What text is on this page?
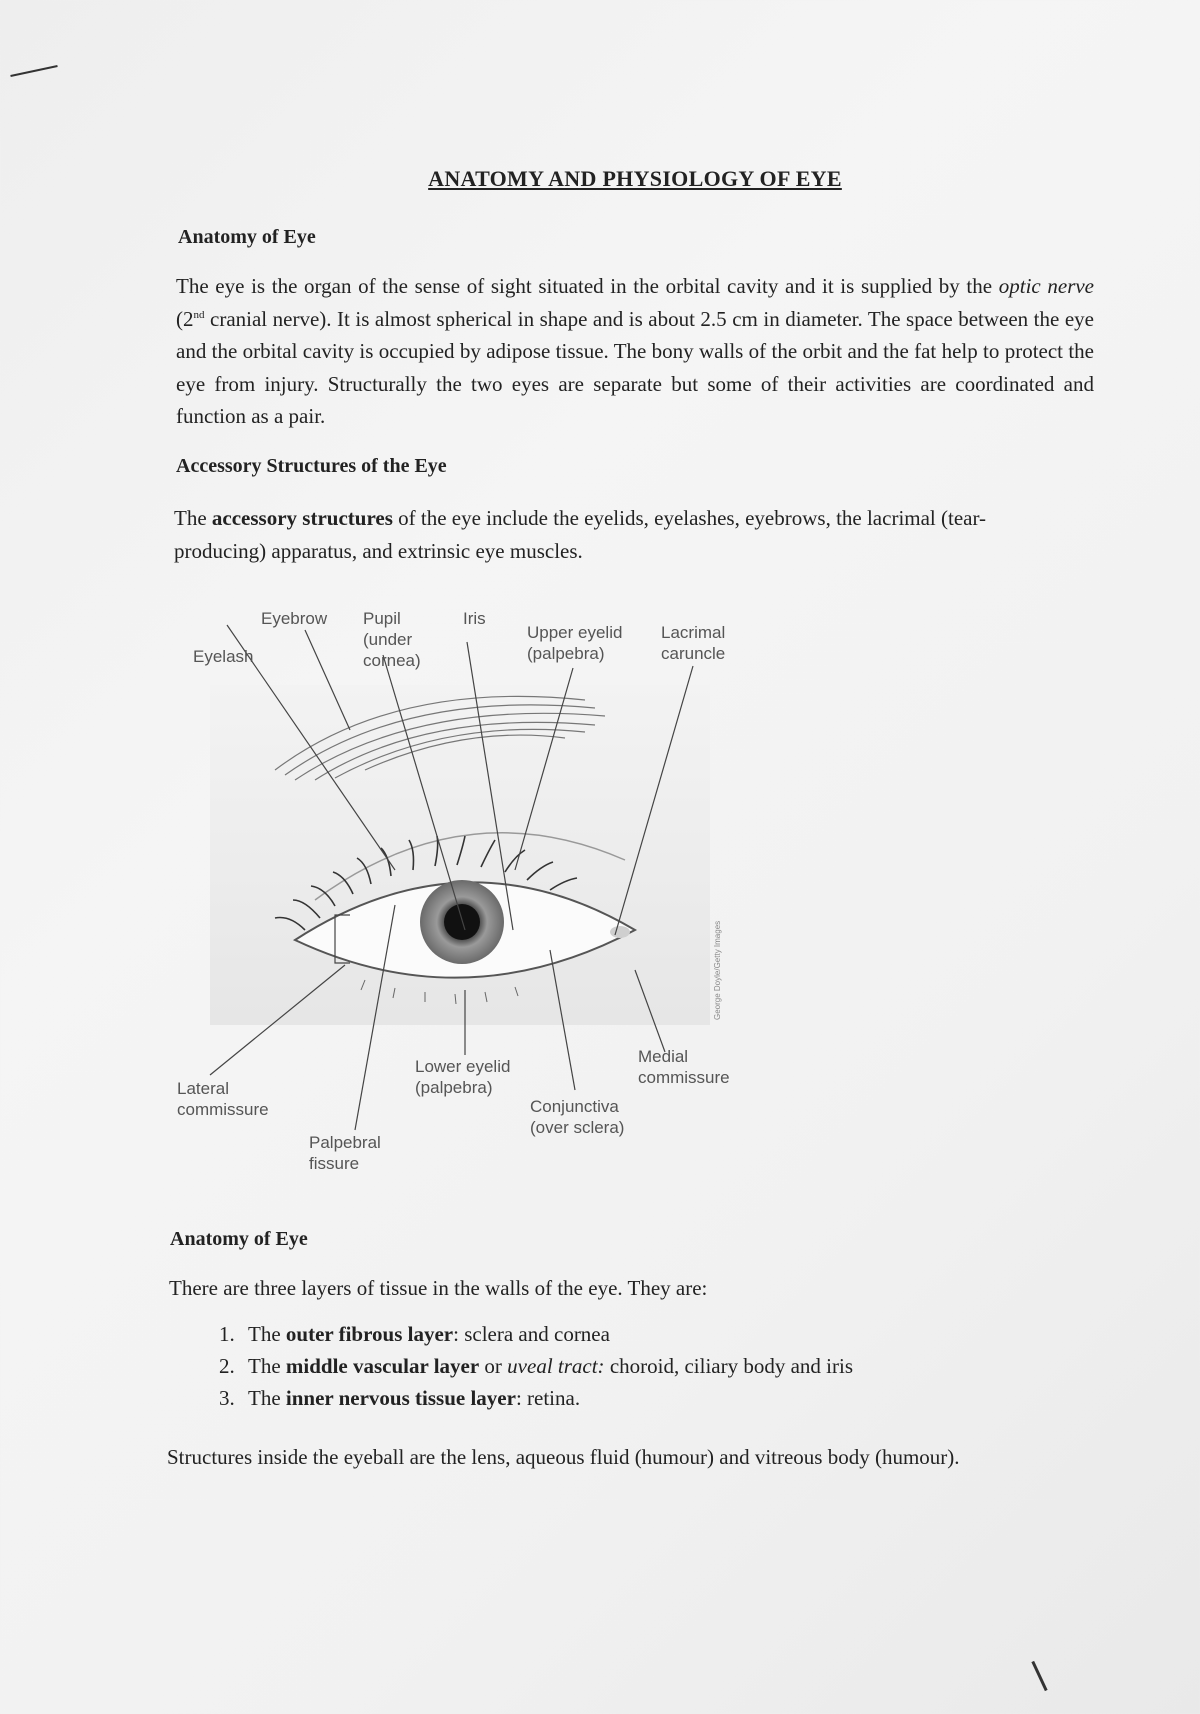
ANATOMY AND PHYSIOLOGY OF EYE
Anatomy of Eye
The eye is the organ of the sense of sight situated in the orbital cavity and it is supplied by the optic nerve (2nd cranial nerve). It is almost spherical in shape and is about 2.5 cm in diameter. The space between the eye and the orbital cavity is occupied by adipose tissue. The bony walls of the orbit and the fat help to protect the eye from injury. Structurally the two eyes are separate but some of their activities are coordinated and function as a pair.
Accessory Structures of the Eye
The accessory structures of the eye include the eyelids, eyelashes, eyebrows, the lacrimal (tear-producing) apparatus, and extrinsic eye muscles.
Eyebrow Pupil
(under
cornea)
Iris
Upper eyelid
(palpebra)
Lacrimal
caruncle
Eyelash
Lateral
commissure
Lower eyelid
(palpebra)
Medial
commissure
Conjunctiva
(over sclera)
Palpebral
fissure
George Doyle/Getty Images
Anatomy of Eye
There are three layers of tissue in the walls of the eye. They are:
1. The outer fibrous layer: sclera and cornea
2. The middle vascular layer or uveal tract: choroid, ciliary body and iris
3. The inner nervous tissue layer: retina.
Structures inside the eyeball are the lens, aqueous fluid (humour) and vitreous body (humour).
